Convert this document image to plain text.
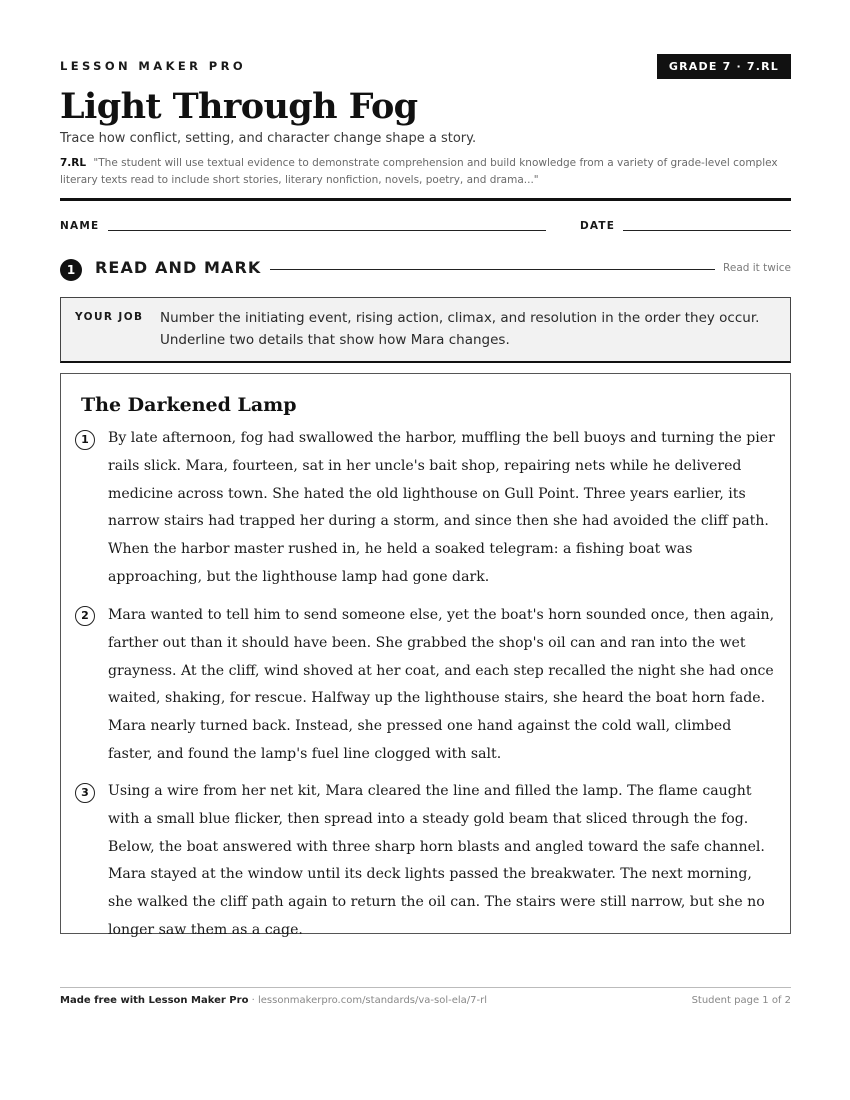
LESSON MAKER PRO	GRADE 7 · 7.RL
Light Through Fog
Trace how conflict, setting, and character change shape a story.
7.RL "The student will use textual evidence to demonstrate comprehension and build knowledge from a variety of grade-level complex literary texts read to include short stories, literary nonfiction, novels, poetry, and drama..."
NAME	DATE
1	READ AND MARK	Read it twice
YOUR JOB Number the initiating event, rising action, climax, and resolution in the order they occur. Underline two details that show how Mara changes.
The Darkened Lamp
1	By late afternoon, fog had swallowed the harbor, muffling the bell buoys and turning the pier rails slick. Mara, fourteen, sat in her uncle's bait shop, repairing nets while he delivered medicine across town. She hated the old lighthouse on Gull Point. Three years earlier, its narrow stairs had trapped her during a storm, and since then she had avoided the cliff path. When the harbor master rushed in, he held a soaked telegram: a fishing boat was approaching, but the lighthouse lamp had gone dark.
2	Mara wanted to tell him to send someone else, yet the boat's horn sounded once, then again, farther out than it should have been. She grabbed the shop's oil can and ran into the wet grayness. At the cliff, wind shoved at her coat, and each step recalled the night she had once waited, shaking, for rescue. Halfway up the lighthouse stairs, she heard the boat horn fade. Mara nearly turned back. Instead, she pressed one hand against the cold wall, climbed faster, and found the lamp's fuel line clogged with salt.
3	Using a wire from her net kit, Mara cleared the line and filled the lamp. The flame caught with a small blue flicker, then spread into a steady gold beam that sliced through the fog. Below, the boat answered with three sharp horn blasts and angled toward the safe channel. Mara stayed at the window until its deck lights passed the breakwater. The next morning, she walked the cliff path again to return the oil can. The stairs were still narrow, but she no longer saw them as a cage.
Made free with Lesson Maker Pro · lessonmakerpro.com/standards/va-sol-ela/7-rl	Student page 1 of 2
